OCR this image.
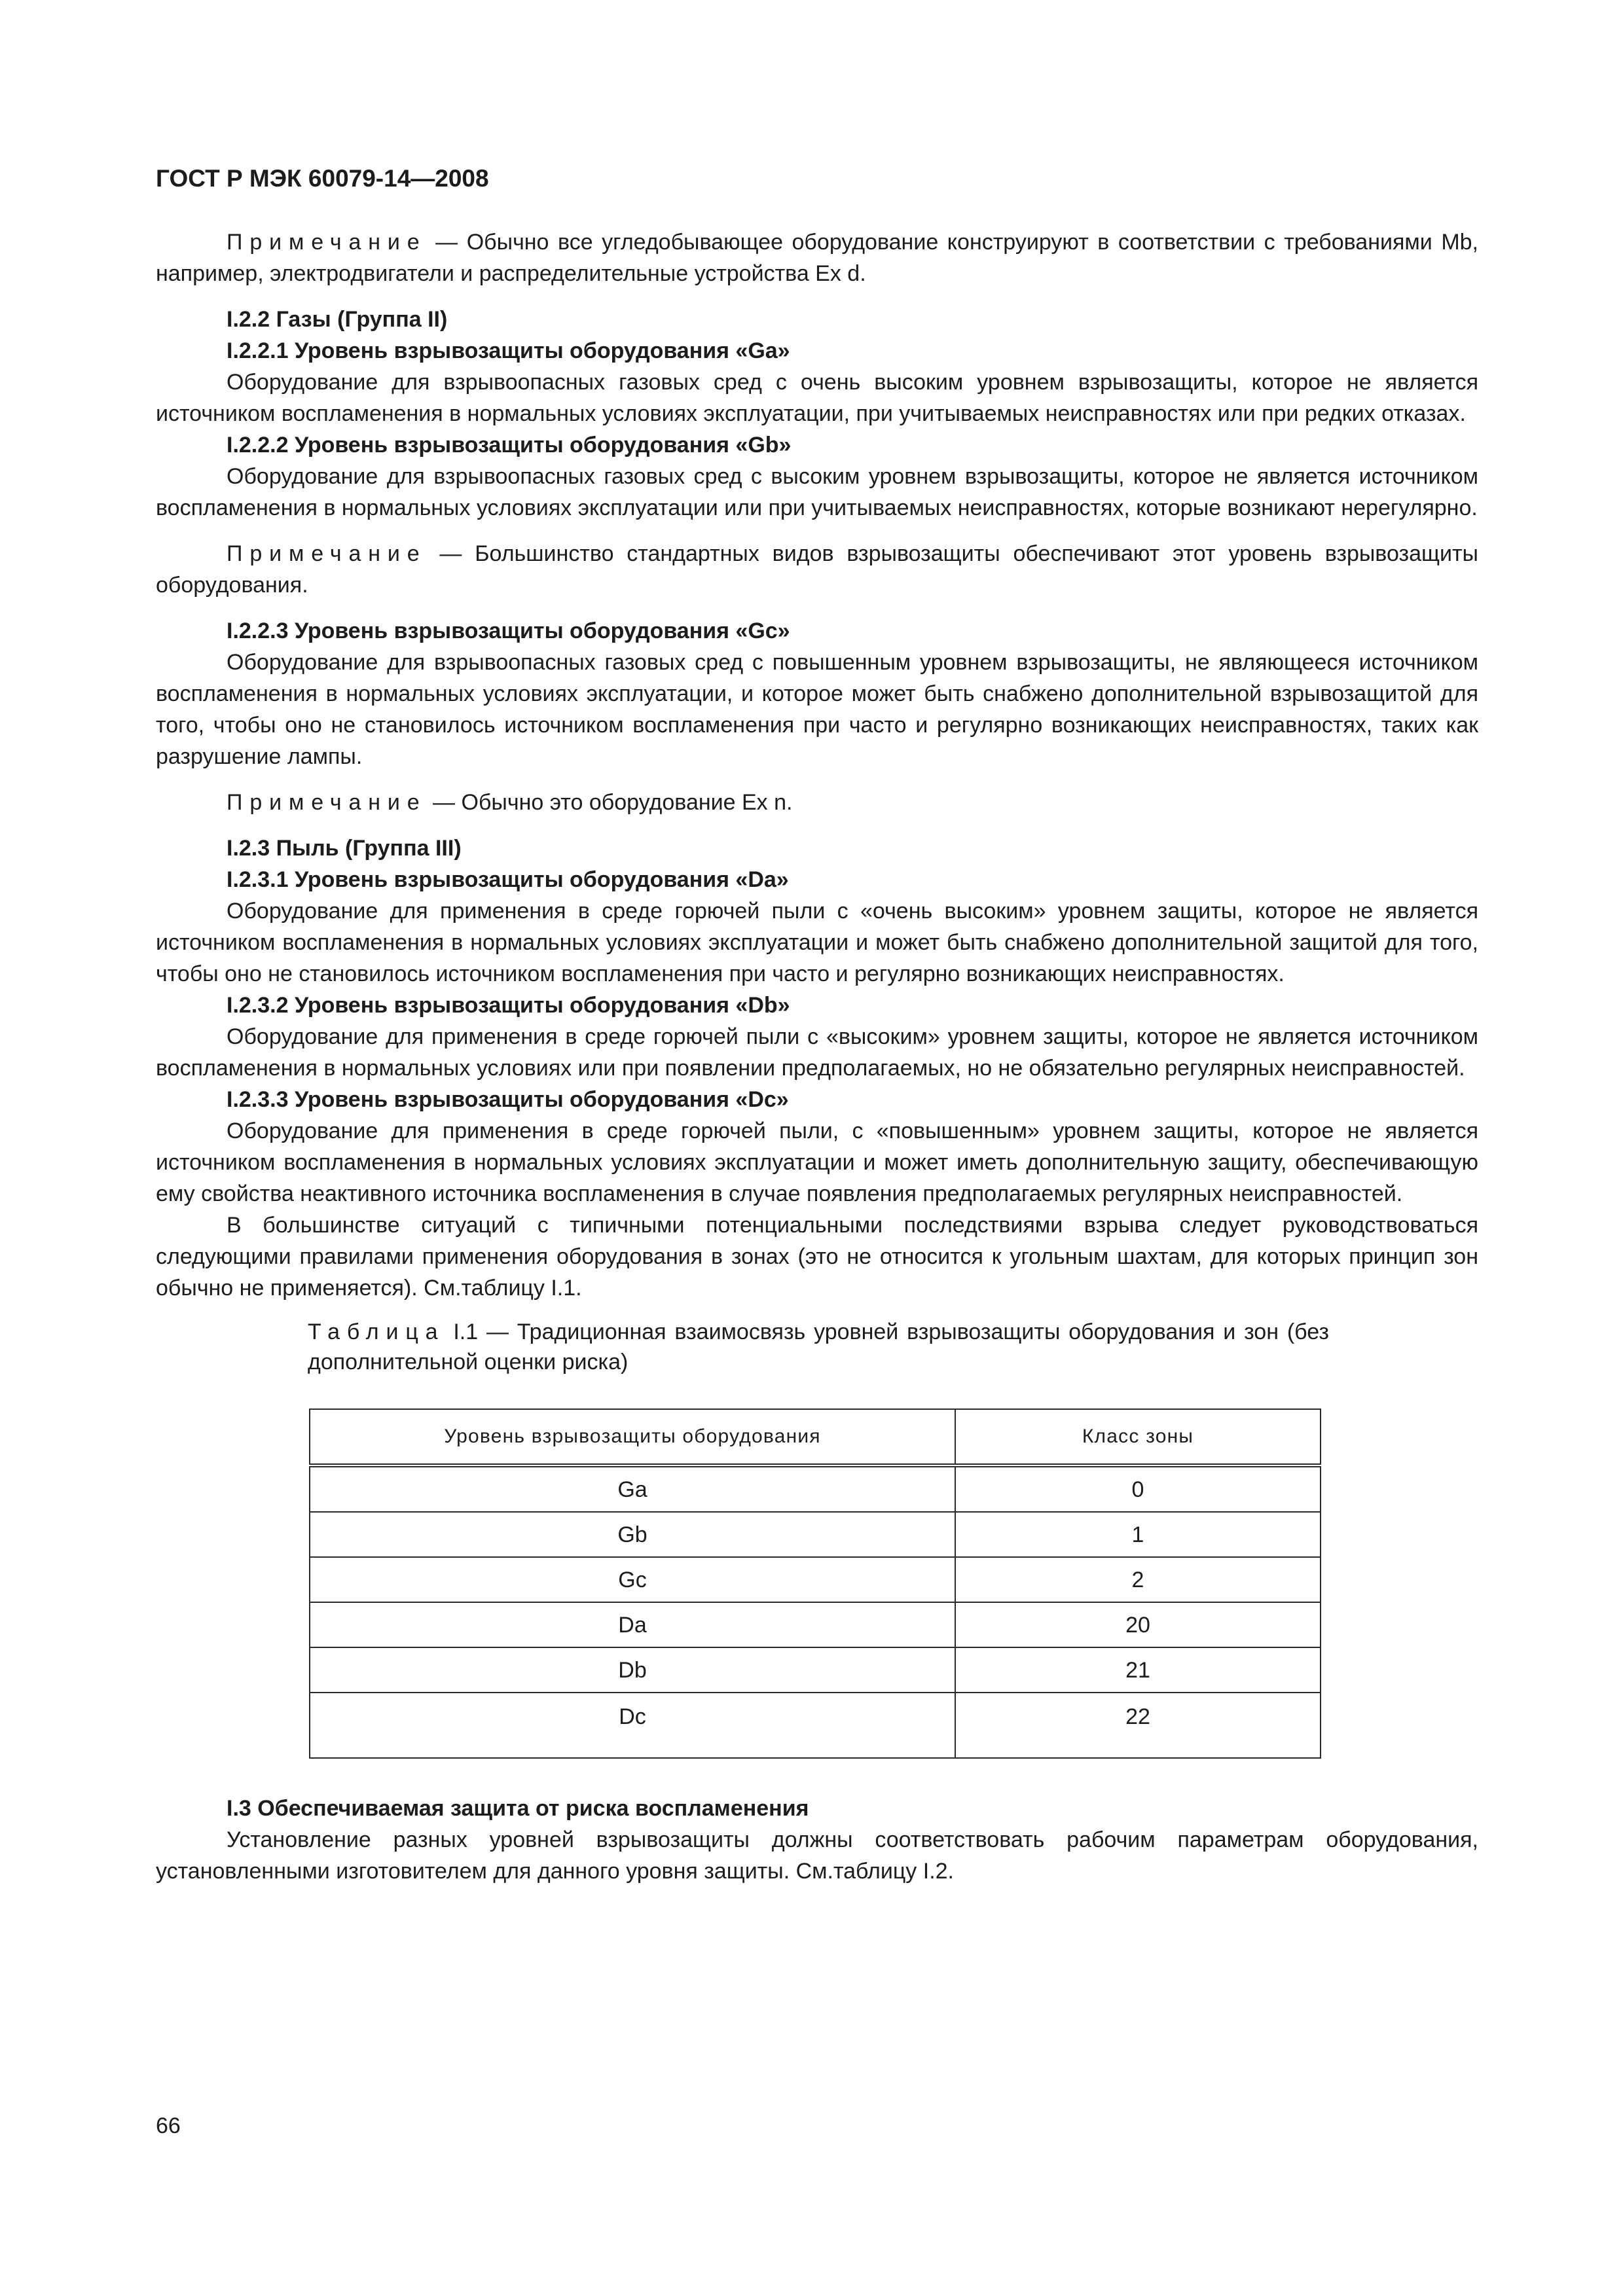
ГОСТ Р МЭК 60079-14—2008

Примечание — Обычно все угледобывающее оборудование конструируют в соответствии с требованиями Mb, например, электродвигатели и распределительные устройства Ex d.

I.2.2 Газы (Группа II)

I.2.2.1 Уровень взрывозащиты оборудования «Ga»

Оборудование для взрывоопасных газовых сред с очень высоким уровнем взрывозащиты, которое не является источником воспламенения в нормальных условиях эксплуатации, при учитываемых неисправностях или при редких отказах.

I.2.2.2 Уровень взрывозащиты оборудования «Gb»

Оборудование для взрывоопасных газовых сред с высоким уровнем взрывозащиты, которое не является источником воспламенения в нормальных условиях эксплуатации или при учитываемых неисправностях, которые возникают нерегулярно.

Примечание — Большинство стандартных видов взрывозащиты обеспечивают этот уровень взрывозащиты оборудования.

I.2.2.3 Уровень взрывозащиты оборудования «Gc»

Оборудование для взрывоопасных газовых сред с повышенным уровнем взрывозащиты, не являющееся источником воспламенения в нормальных условиях эксплуатации, и которое может быть снабжено дополнительной взрывозащитой для того, чтобы оно не становилось источником воспламенения при часто и регулярно возникающих неисправностях, таких как разрушение лампы.

Примечание — Обычно это оборудование Ex n.

I.2.3 Пыль (Группа III)

I.2.3.1 Уровень взрывозащиты оборудования «Da»

Оборудование для применения в среде горючей пыли с «очень высоким» уровнем защиты, которое не является источником воспламенения в нормальных условиях эксплуатации и может быть снабжено дополнительной защитой для того, чтобы оно не становилось источником воспламенения при часто и регулярно возникающих неисправностях.

I.2.3.2 Уровень взрывозащиты оборудования «Db»

Оборудование для применения в среде горючей пыли с «высоким» уровнем защиты, которое не является источником воспламенения в нормальных условиях или при появлении предполагаемых, но не обязательно регулярных неисправностей.

I.2.3.3 Уровень взрывозащиты оборудования «Dc»

Оборудование для применения в среде горючей пыли, с «повышенным» уровнем защиты, которое не является источником воспламенения в нормальных условиях эксплуатации и может иметь дополнительную защиту, обеспечивающую ему свойства неактивного источника воспламенения в случае появления предполагаемых регулярных неисправностей.

В большинстве ситуаций с типичными потенциальными последствиями взрыва следует руководствоваться следующими правилами применения оборудования в зонах (это не относится к угольным шахтам, для которых принцип зон обычно не применяется). См.таблицу I.1.

Таблица I.1 — Традиционная взаимосвязь уровней взрывозащиты оборудования и зон (без дополнительной оценки риска)

Уровень взрывозащиты оборудования	Класс зоны
Ga	0
Gb	1
Gc	2
Da	20
Db	21
Dc	22

I.3 Обеспечиваемая защита от риска воспламенения

Установление разных уровней взрывозащиты должны соответствовать рабочим параметрам оборудования, установленными изготовителем для данного уровня защиты. См.таблицу I.2.

66
